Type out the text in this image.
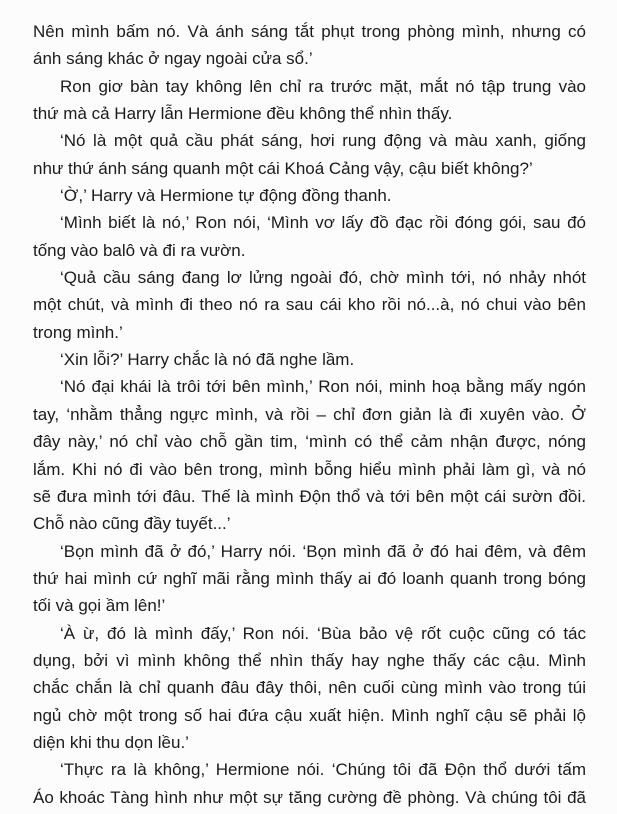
Nên mình bấm nó. Và ánh sáng tắt phụt trong phòng mình, nhưng có
ánh sáng khác ở ngay ngoài cửa sổ.’
Ron giơ bàn tay không lên chỉ ra trước mặt, mắt nó tập trung vào
thứ mà cả Harry lẫn Hermione đều không thể nhìn thấy.
‘Nó là một quả cầu phát sáng, hơi rung động và màu xanh, giống
như thứ ánh sáng quanh một cái Khoá Cảng vậy, cậu biết không?’
‘Ờ,’ Harry và Hermione tự động đồng thanh.
‘Mình biết là nó,’ Ron nói, ‘Mình vơ lấy đồ đạc rồi đóng gói, sau đó
tống vào balô và đi ra vườn.
‘Quả cầu sáng đang lơ lửng ngoài đó, chờ mình tới, nó nhảy nhót
một chút, và mình đi theo nó ra sau cái kho rồi nó...à, nó chui vào bên
trong mình.’
‘Xin lỗi?’ Harry chắc là nó đã nghe lầm.
‘Nó đại khái là trôi tới bên mình,’ Ron nói, minh hoạ bằng mấy ngón
tay, ‘nhằm thẳng ngực mình, và rồi – chỉ đơn giản là đi xuyên vào. Ở
đây này,’ nó chỉ vào chỗ gần tim, ‘mình có thể cảm nhận được, nóng
lắm. Khi nó đi vào bên trong, mình bỗng hiểu mình phải làm gì, và nó
sẽ đưa mình tới đâu. Thế là mình Độn thổ và tới bên một cái sườn đồi.
Chỗ nào cũng đầy tuyết...’
‘Bọn mình đã ở đó,’ Harry nói. ‘Bọn mình đã ở đó hai đêm, và đêm
thứ hai mình cứ nghĩ mãi rằng mình thấy ai đó loanh quanh trong bóng
tối và gọi ầm lên!’
‘À ừ, đó là mình đấy,’ Ron nói. ‘Bùa bảo vệ rốt cuộc cũng có tác
dụng, bởi vì mình không thể nhìn thấy hay nghe thấy các cậu. Mình
chắc chắn là chỉ quanh đâu đây thôi, nên cuối cùng mình vào trong túi
ngủ chờ một trong số hai đứa cậu xuất hiện. Mình nghĩ cậu sẽ phải lộ
diện khi thu dọn lều.’
‘Thực ra là không,’ Hermione nói. ‘Chúng tôi đã Độn thổ dưới tấm
Áo khoác Tàng hình như một sự tăng cường đề phòng. Và chúng tôi đã
